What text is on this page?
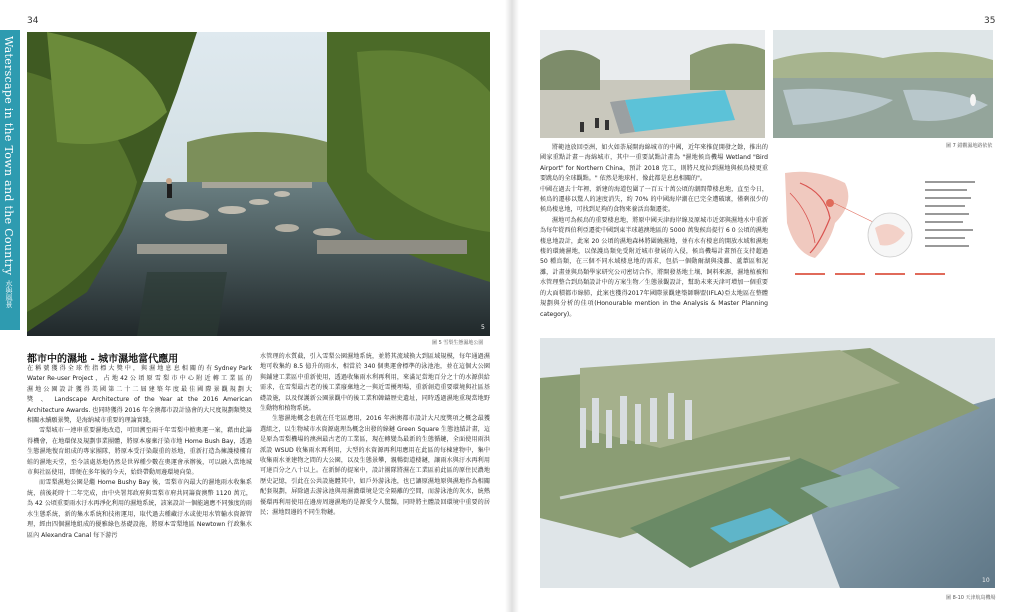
34	35
Waterscape in the Town and the Country
水與風景
5
圖 5 雪梨生態濕地公園
都市中的濕地 - 城市濕地當代應用

在 稱 號 獲 得 全 球 性 指 標 大 獎 中 ， 與 濕 地 息 息 相 關 的 有 Sydney Park Water Re-user Project ， 占 地 42 公 頃 原 雪 梨 市 中 心 附 近 轉 工 業 區 的 濕 地 公 園 設 計 獲 得 美 國 第 二 十 二 屆 建 築 年 度 最 佳 國 際 景 觀 規 劃 大 獎 、 Landscape Architecture of the Year at the 2016 American Architecture Awards. 也同時獲得 2016 年全澳都市設計協會的大尺度規劃類獎及相關永續願景獎，是海納城市重要的理論實踐。

雪梨城市一連串重要濕地改造，可回溯至兩千年雪梨中掀奧運一案，藉由此籌得機會，在地環保及規劃事業團體，將原本廢棄汙染市地 Home Bush Bay，透過生態濕地復育組成的專家團隊，將原本受汙染嚴重的基地，重新打造為擁護棲樓育蛙的濕地天堂，至今該處基地仍然是世界種少數在奧運會承辦後，可以融入當地城市與社區使用，即便在多年後的今天，始終帶動周邊環境向榮。

而雪梨濕地公園是繼 Home Bushy Bay 後，雪梨市內最大的濕地雨水收集系統，前後耗時十二年完成，由中央署邦政府與雪梨市府共同籌資澳幣 1120 萬元，為 42 公頃重要雨水汙水再淨化利用的濕地系統，該案設計一個能適應不同強度的雨水生態系統，新的集水系統和技術運用，取代過去種藏汙水或使用水管輸水資源管理，經由四個濕地組成的優雅綠色基礎設施，將原本雪梨地區 Newtown 行政集水區內 Alexandra Canal 每下游污

水管理的水質截，引入雪梨公園濕地系統，並將其流域換大到區域規模，每年通過濕地可收集約 8.5 億升的雨水，相當於 340 個奧運會標準的泳池池，並在這個大公園與鋪建工業區中重新使用，透過收集雨水利再利用，來滿足當地百分之十的水源供給需求，在雪梨最古老的後工業廢棄地之一與近雪擾埋場，重新創造重要環境與社區基礎設施，以及保護新公園景觀中的後工業和韓鑄歷史遺址，同時透過濕地重現當地野生動物和植物系統。

生態濕地概念也就在任宅區應用，2016 年洲澳都市設計大尺度獎項之概念最獲選組之，以生物城市水資源處理為概念出發的綠鏈 Green Square 生態池績計畫，這是原為雪梨機場的澳洲最古老的工業區，現在轉變為最新的生態循鏈，全面使用雨洪派設 WSUD 收集雨水再利用，大型的水資源再利用應用在此區的每棟建物中，集中收集雨水並建物之間的大公園，以及生態景攀，親暢街道棲鏈，讓雨水與汙水再利用可達百分之八十以上。在新鮮的提案中，設計團隊將濕在工業區前此區的原住民濃地歷史記憶，引此在公共設施體其中，如戶外游泳池，也已讓原濕地原與濕地作為相關配套規劃，屏除過去游泳池與用濕濃環境是完全隔離的空間，而游泳池的灰水，統熱優環再利用使用在邊房周邊濕地的是源愛令人驚豔，同時將主體設回環境中重要的居民；濕地問邊的不同生物鏈。

圖 7 錯觀濕地路依依

將範池放回亞洲，如火如荼展開海綿城市的中國，近年來推促開發之餘，推出的國家重點計畫－海綿城市，其中一重要試點計畫為 "濕地候鳥機場 Wetland "Bird Airport" for Northern China，預計 2018 完工，則將尺度拉到濕地與候鳥棲更重要跳島的全球觀點。" 依然是地球村，像此都是息息相關的"。

中國在過去十年裡，新建的海道包圍了一百五十萬公頃的潮間帶棲息地，直至今日，候鳥的遷移以驚人的速度消失，約 70% 的中國海岸潮在已完全遭破壞，僅剩很少的候鳥棲息地，可找到足夠的食物來養活鳥類遷徙。

濕地可為候鳥的重要棲息地，將原中國天津海岸線及原城市近郊與濕地水中重新為每年從西伯利亞遷徙中國到東半球越澳地區的 5000 萬隻候鳥提行 6 0 公頃的濕地棲息地設計，此案 20 公頃的濕地森林將圍繞濕地，並有水有棲息的開放水域和濕地棲的環繞濕地，以保護鳥類免受附近城市發展的入侵，候鳥機場計畫預在支持超過 50 種鳥類，在三個不同水域棲息地的需求，包括一個動爾湖與淺灘、蘆葦區和泥灘，計畫並與鳥類學家研究公司密切合作，將開發基地土壤、飼料來源，濕地植被和水管理整合到鳥類設計中的方案生物／生態景觀設計，幫助未來天津可增加一個重要的大面積都市綠肺，此案也獲得2017年國際景觀建築師聯盟(IFLA)亞太地區在整體規劃與分析的佳項(Honourable mention in the Analysis & Master Planning category)。

10
圖 8-10 天津航鳥機場
